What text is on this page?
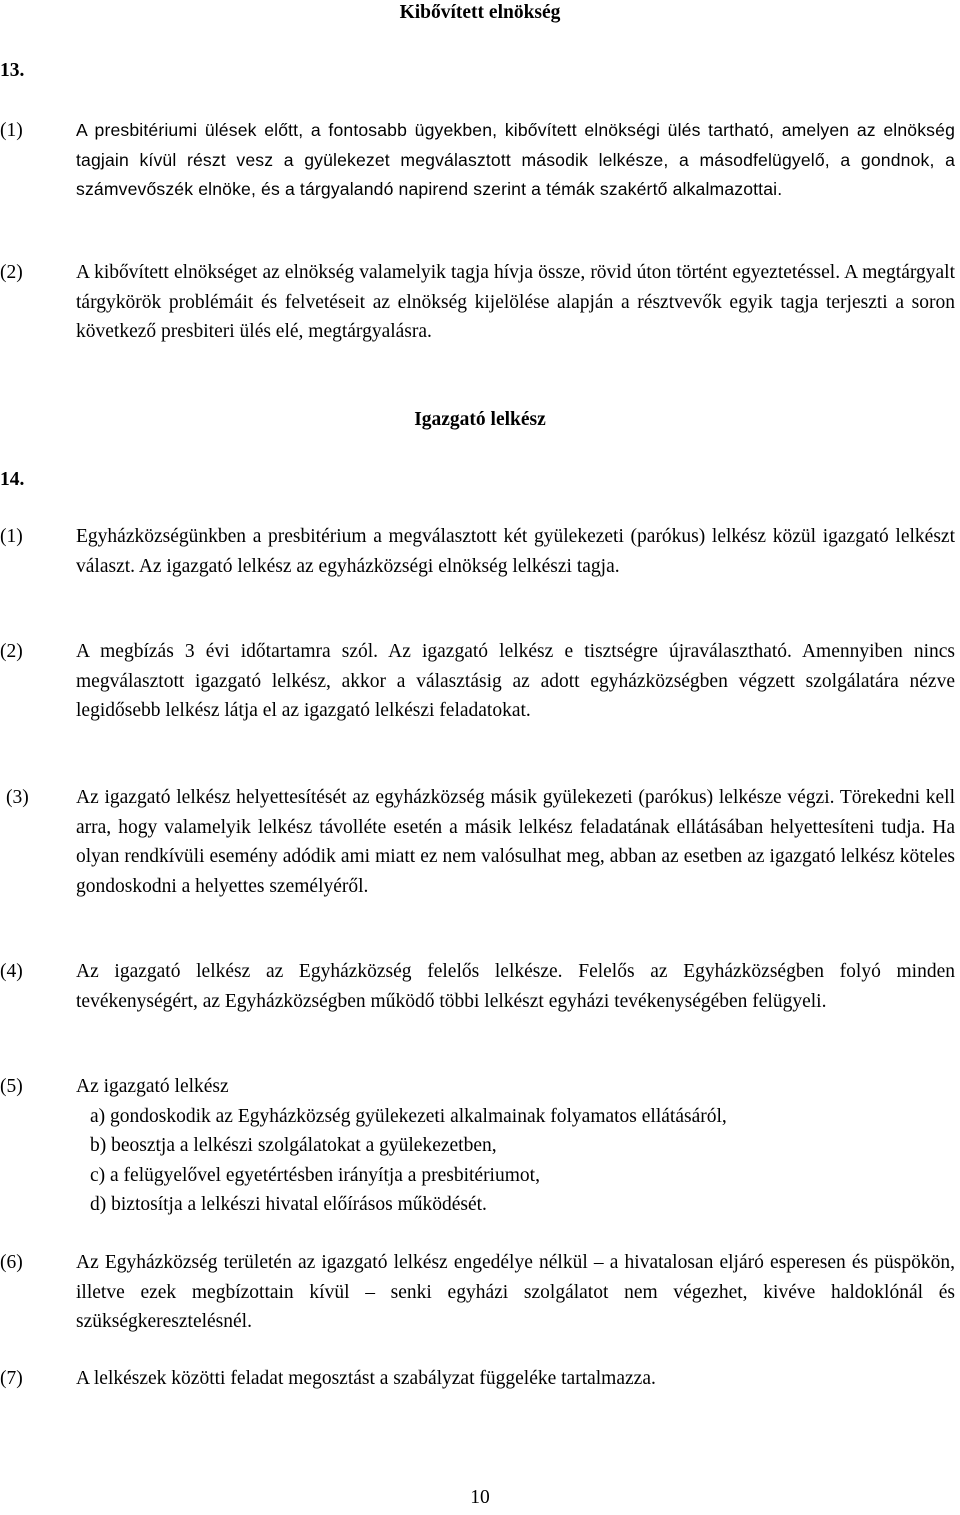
Kibővített elnökség
13.
(1)	A presbitériumi ülések előtt, a fontosabb ügyekben, kibővített elnökségi ülés tartható, amelyen az elnökség tagjain kívül részt vesz a gyülekezet megválasztott második lelkésze, a másodfelügyelő, a gondnok, a számvevőszék elnöke, és a tárgyalandó napirend szerint a témák szakértő alkalmazottai.
(2)	A kibővített elnökséget az elnökség valamelyik tagja hívja össze, rövid úton történt egyeztetéssel. A megtárgyalt tárgykörök problémáit és felvetéseit az elnökség kijelölése alapján a résztvevők egyik tagja terjeszti a soron következő presbiteri ülés elé, megtárgyalásra.
Igazgató lelkész
14.
(1)	Egyházközségünkben a presbitérium a megválasztott két gyülekezeti (parókus) lelkész közül igazgató lelkészt választ. Az igazgató lelkész az egyházközségi elnökség lelkészi tagja.
(2)	A megbízás 3 évi időtartamra szól. Az igazgató lelkész e tisztségre újraválasztható. Amennyiben nincs megválasztott igazgató lelkész, akkor a választásig az adott egyházközségben végzett szolgálatára nézve legidősebb lelkész látja el az igazgató lelkészi feladatokat.
(3) Az igazgató lelkész helyettesítését az egyházközség másik gyülekezeti (parókus) lelkésze végzi. Törekedni kell arra, hogy valamelyik lelkész távolléte esetén a másik lelkész feladatának ellátásában helyettesíteni tudja. Ha olyan rendkívüli esemény adódik ami miatt ez nem valósulhat meg, abban az esetben az igazgató lelkész köteles gondoskodni a helyettes személyéről.
(4)	Az igazgató lelkész az Egyházközség felelős lelkésze. Felelős az Egyházközségben folyó minden tevékenységért, az Egyházközségben működő többi lelkészt egyházi tevékenységében felügyeli.
(5)	Az igazgató lelkész
a) gondoskodik az Egyházközség gyülekezeti alkalmainak folyamatos ellátásáról,
b) beosztja a lelkészi szolgálatokat a gyülekezetben,
c) a felügyelővel egyetértésben irányítja a presbitériumot,
d) biztosítja a lelkészi hivatal előírásos működését.
(6)	Az Egyházközség területén az igazgató lelkész engedélye nélkül – a hivatalosan eljáró esperesen és püspökön, illetve ezek megbízottain kívül – senki egyházi szolgálatot nem végezhet, kivéve haldoklónál és szükségkeresztelésnél.
(7)	A lelkészek közötti feladat megosztást a szabályzat függeléke tartalmazza.
10
